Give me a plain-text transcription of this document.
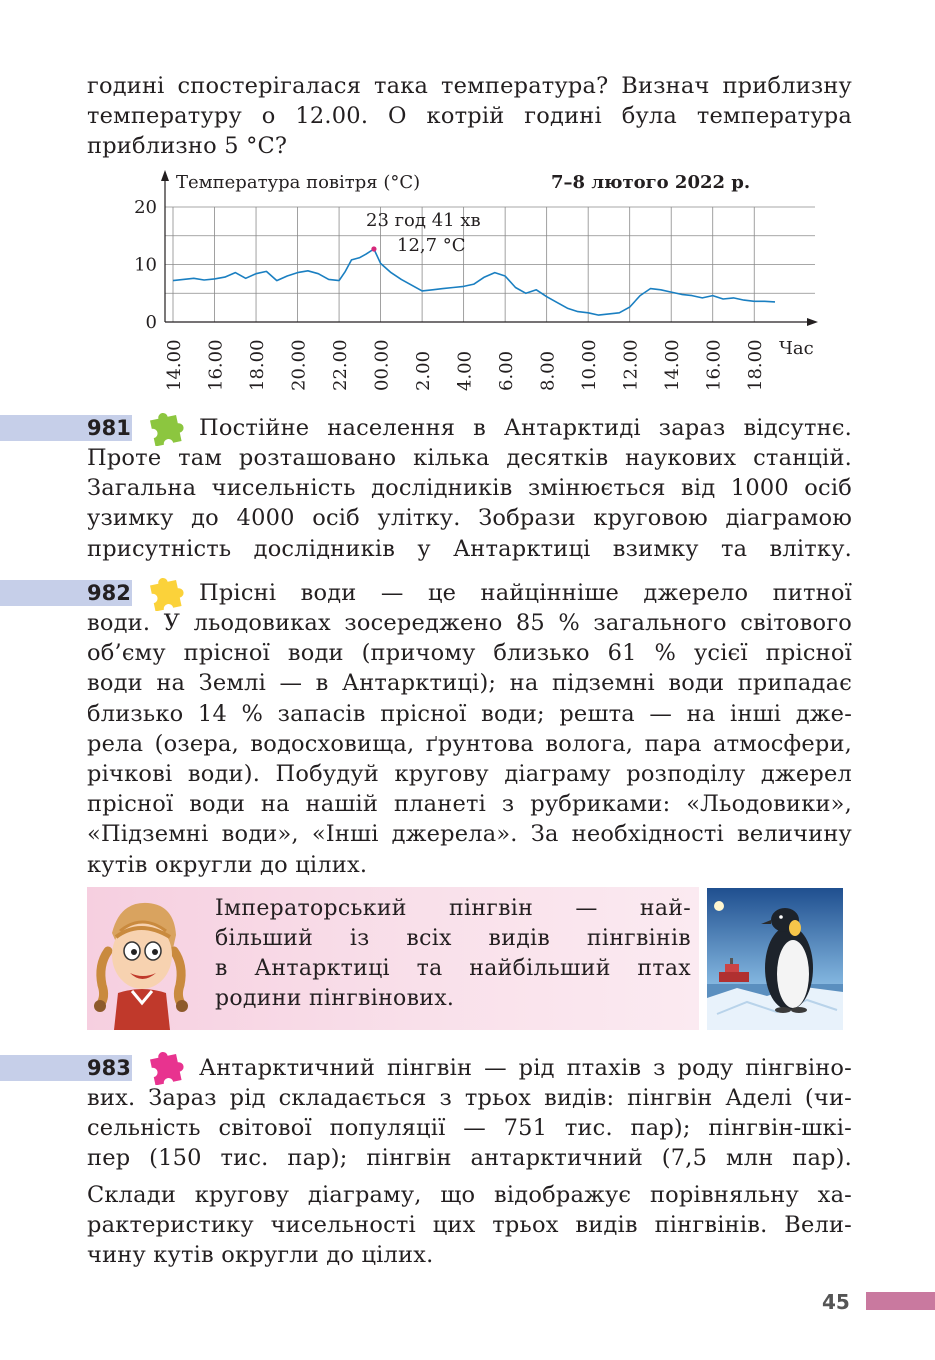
годині спостерігалася така температура? Визнач приблизну
температуру о 12.00. О котрій годині була температура
приблизно 5 °C?
20
10
0
14.00 16.00 18.00 20.00 22.00 00.00 2.00 4.00 6.00 8.00 10.00 12.00 14.00 16.00 18.00
Температура повітря (°C)	7–8 лютого 2022 р.
Час
23 год 41 хв
12,7 °C
981	Постійне населення в Антарктиді зараз відсутнє.
Проте там розташовано кілька десятків наукових станцій.
Загальна чисельність дослідників змінюється від 1000 осіб
узимку до 4000 осіб улітку. Зобрази круговою діаграмою
присутність дослідників у Антарктиці взимку та влітку.
982	Прісні води — це найцінніше джерело питної
води. У льодовиках зосереджено 85 % загального світового
об’єму прісної води (причому близько 61 % усієї прісної
води на Землі — в Антарктиці); на підземні води припадає
близько 14 % запасів прісної води; решта — на інші дже-
рела (озера, водосховища, ґрунтова волога, пара атмосфери,
річкові води). Побудуй кругову діаграму розподілу джерел
прісної води на нашій планеті з рубриками: «Льодовики»,
«Підземні води», «Інші джерела». За необхідності величину
кутів округли до цілих.
Імператорський пінгвін — най-
більший із всіх видів пінгвінів
в Антарктиці та найбільший птах
родини пінгвінових.
983	Антарктичний пінгвін — рід птахів з роду пінгвіно-
вих. Зараз рід складається з трьох видів: пінгвін Аделі (чи-
сельність світової популяції — 751 тис. пар); пінгвін-шкі-
пер (150 тис. пар); пінгвін антарктичний (7,5 млн пар).
Склади кругову діаграму, що відображує порівняльну ха-
рактеристику чисельності цих трьох видів пінгвінів. Вели-
чину кутів округли до цілих.
45
